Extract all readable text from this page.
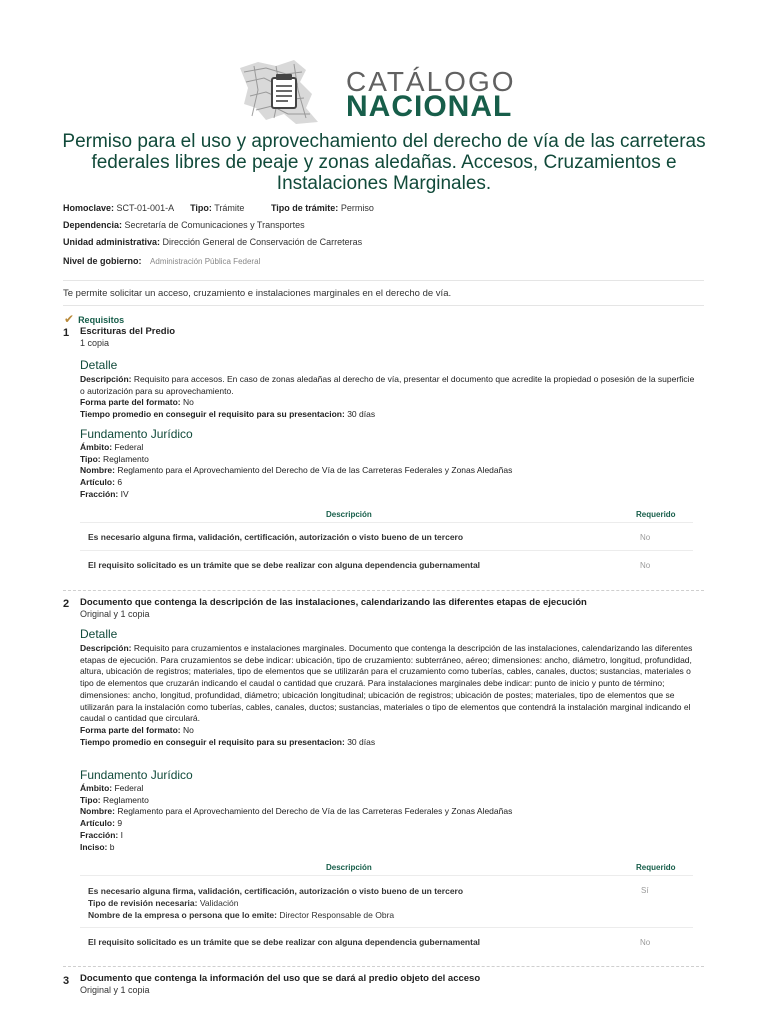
CATÁLOGO
NACIONAL
Permiso para el uso y aprovechamiento del derecho de vía de las carreteras federales libres de peaje y zonas aledañas. Accesos, Cruzamientos e Instalaciones Marginales.
Homoclave: SCT-01-001-A Tipo: Trámite	Tipo de trámite: Permiso
Dependencia: Secretaría de Comunicaciones y Transportes
Unidad administrativa: Dirección General de Conservación de Carreteras
Nivel de gobierno: Administración Pública Federal
Te permite solicitar un acceso, cruzamiento e instalaciones marginales en el derecho de vía.
✔ Requisitos
1 Escrituras del Predio
1 copia
Detalle
Descripción: Requisito para accesos. En caso de zonas aledañas al derecho de vía, presentar el documento que acredite la propiedad o posesión de la superficie o autorización para su aprovechamiento.
Forma parte del formato: No
Tiempo promedio en conseguir el requisito para su presentacion: 30 días
Fundamento Jurídico
Ámbito: Federal
Tipo: Reglamento
Nombre: Reglamento para el Aprovechamiento del Derecho de Vía de las Carreteras Federales y Zonas Aledañas
Artículo: 6
Fracción: IV
Descripción	Requerido
Es necesario alguna firma, validación, certificación, autorización o visto bueno de un tercero	No
El requisito solicitado es un trámite que se debe realizar con alguna dependencia gubernamental	No
2 Documento que contenga la descripción de las instalaciones, calendarizando las diferentes etapas de ejecución
Original y 1 copia
Detalle
Descripción: Requisito para cruzamientos e instalaciones marginales. Documento que contenga la descripción de las instalaciones, calendarizando las diferentes etapas de ejecución. Para cruzamientos se debe indicar: ubicación, tipo de cruzamiento: subterráneo, aéreo; dimensiones: ancho, diámetro, longitud, profundidad, altura, ubicación de registros; materiales, tipo de elementos que se utilizarán para el cruzamiento como tuberías, cables, canales, ductos; sustancias, materiales o tipo de elementos que cruzarán indicando el caudal o cantidad que cruzará. Para instalaciones marginales debe indicar: punto de inicio y punto de término; dimensiones: ancho, longitud, profundidad, diámetro; ubicación longitudinal; ubicación de registros; ubicación de postes; materiales, tipo de elementos que se utilizarán para la instalación como tuberías, cables, canales, ductos; sustancias, materiales o tipo de elementos que contendrá la instalación marginal indicando el caudal o cantidad que circulará.
Forma parte del formato: No
Tiempo promedio en conseguir el requisito para su presentacion: 30 días
Fundamento Jurídico
Ámbito: Federal
Tipo: Reglamento
Nombre: Reglamento para el Aprovechamiento del Derecho de Vía de las Carreteras Federales y Zonas Aledañas
Artículo: 9
Fracción: I
Inciso: b
Descripción	Requerido
Es necesario alguna firma, validación, certificación, autorización o visto bueno de un tercero
Tipo de revisión necesaria: Validación
Nombre de la empresa o persona que lo emite: Director Responsable de Obra
Sí
El requisito solicitado es un trámite que se debe realizar con alguna dependencia gubernamental	No
3 Documento que contenga la información del uso que se dará al predio objeto del acceso
Original y 1 copia
